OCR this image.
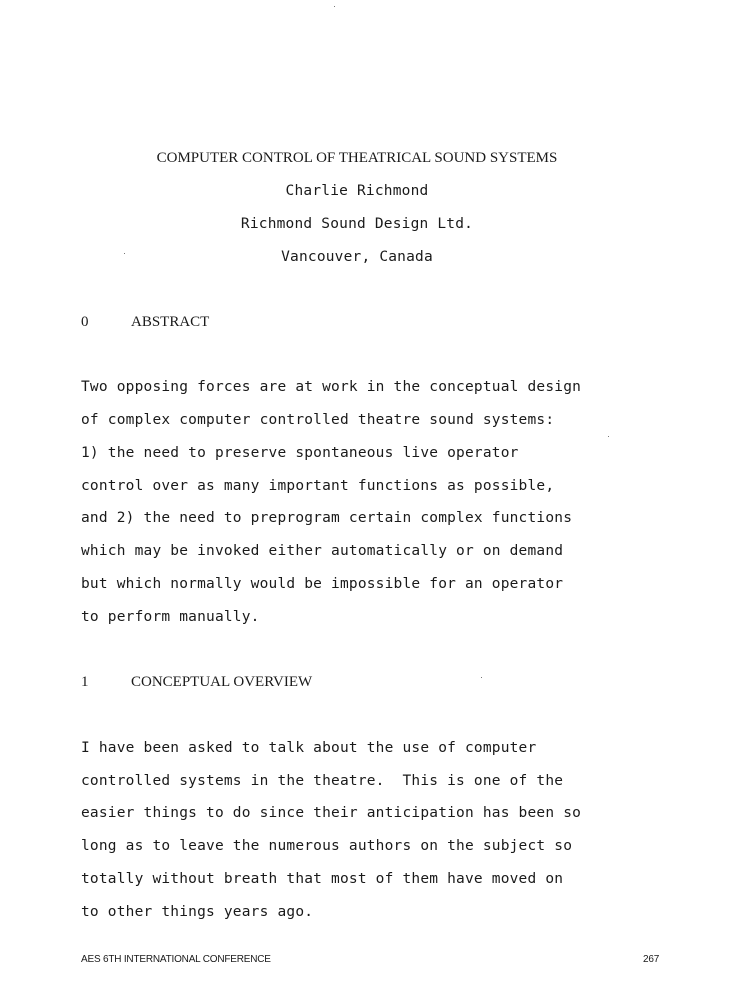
COMPUTER CONTROL OF THEATRICAL SOUND SYSTEMS
Charlie Richmond
Richmond Sound Design Ltd.
Vancouver, Canada
0	ABSTRACT
Two opposing forces are at work in the conceptual design
of complex computer controlled theatre sound systems:
1) the need to preserve spontaneous live operator
control over as many important functions as possible,
and 2) the need to preprogram certain complex functions
which may be invoked either automatically or on demand
but which normally would be impossible for an operator
to perform manually.
1	CONCEPTUAL OVERVIEW
I have been asked to talk about the use of computer
controlled systems in the theatre.  This is one of the
easier things to do since their anticipation has been so
long as to leave the numerous authors on the subject so
totally without breath that most of them have moved on
to other things years ago.
AES 6TH INTERNATIONAL CONFERENCE	267
